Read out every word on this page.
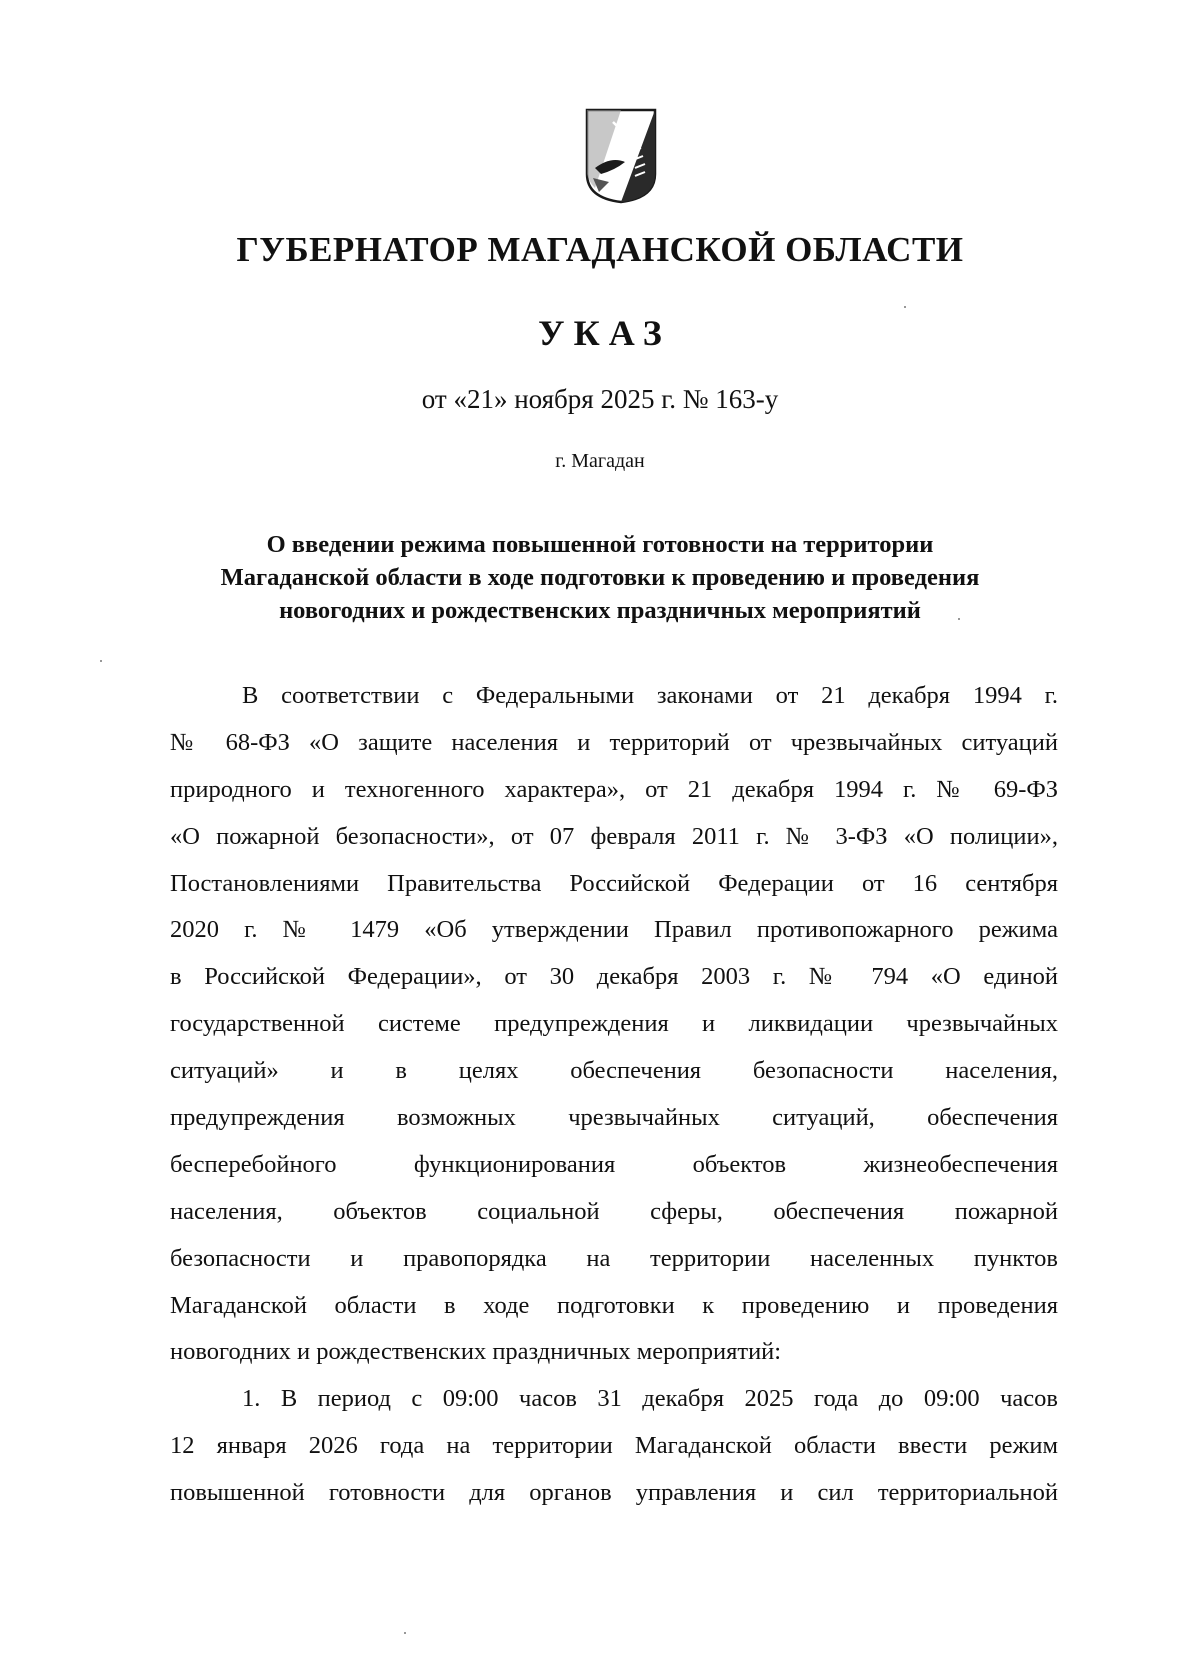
ГУБЕРНАТОР МАГАДАНСКОЙ ОБЛАСТИ
УКАЗ
от «21» ноября 2025 г. № 163-у
г. Магадан
О введении режима повышенной готовности на территории
Магаданской области в ходе подготовки к проведению и проведения
новогодних и рождественских праздничных мероприятий
В соответствии с Федеральными законами от 21 декабря 1994 г.
№ 68-ФЗ «О защите населения и территорий от чрезвычайных ситуаций
природного и техногенного характера», от 21 декабря 1994 г. № 69-ФЗ
«О пожарной безопасности», от 07 февраля 2011 г. № 3-ФЗ «О полиции»,
Постановлениями Правительства Российской Федерации от 16 сентября
2020 г. № 1479 «Об утверждении Правил противопожарного режима
в Российской Федерации», от 30 декабря 2003 г. № 794 «О единой
государственной системе предупреждения и ликвидации чрезвычайных
ситуаций» и в целях обеспечения безопасности населения,
предупреждения возможных чрезвычайных ситуаций, обеспечения
бесперебойного функционирования объектов жизнеобеспечения
населения, объектов социальной сферы, обеспечения пожарной
безопасности и правопорядка на территории населенных пунктов
Магаданской области в ходе подготовки к проведению и проведения
новогодних и рождественских праздничных мероприятий:
1. В период с 09:00 часов 31 декабря 2025 года до 09:00 часов
12 января 2026 года на территории Магаданской области ввести режим
повышенной готовности для органов управления и сил территориальной
